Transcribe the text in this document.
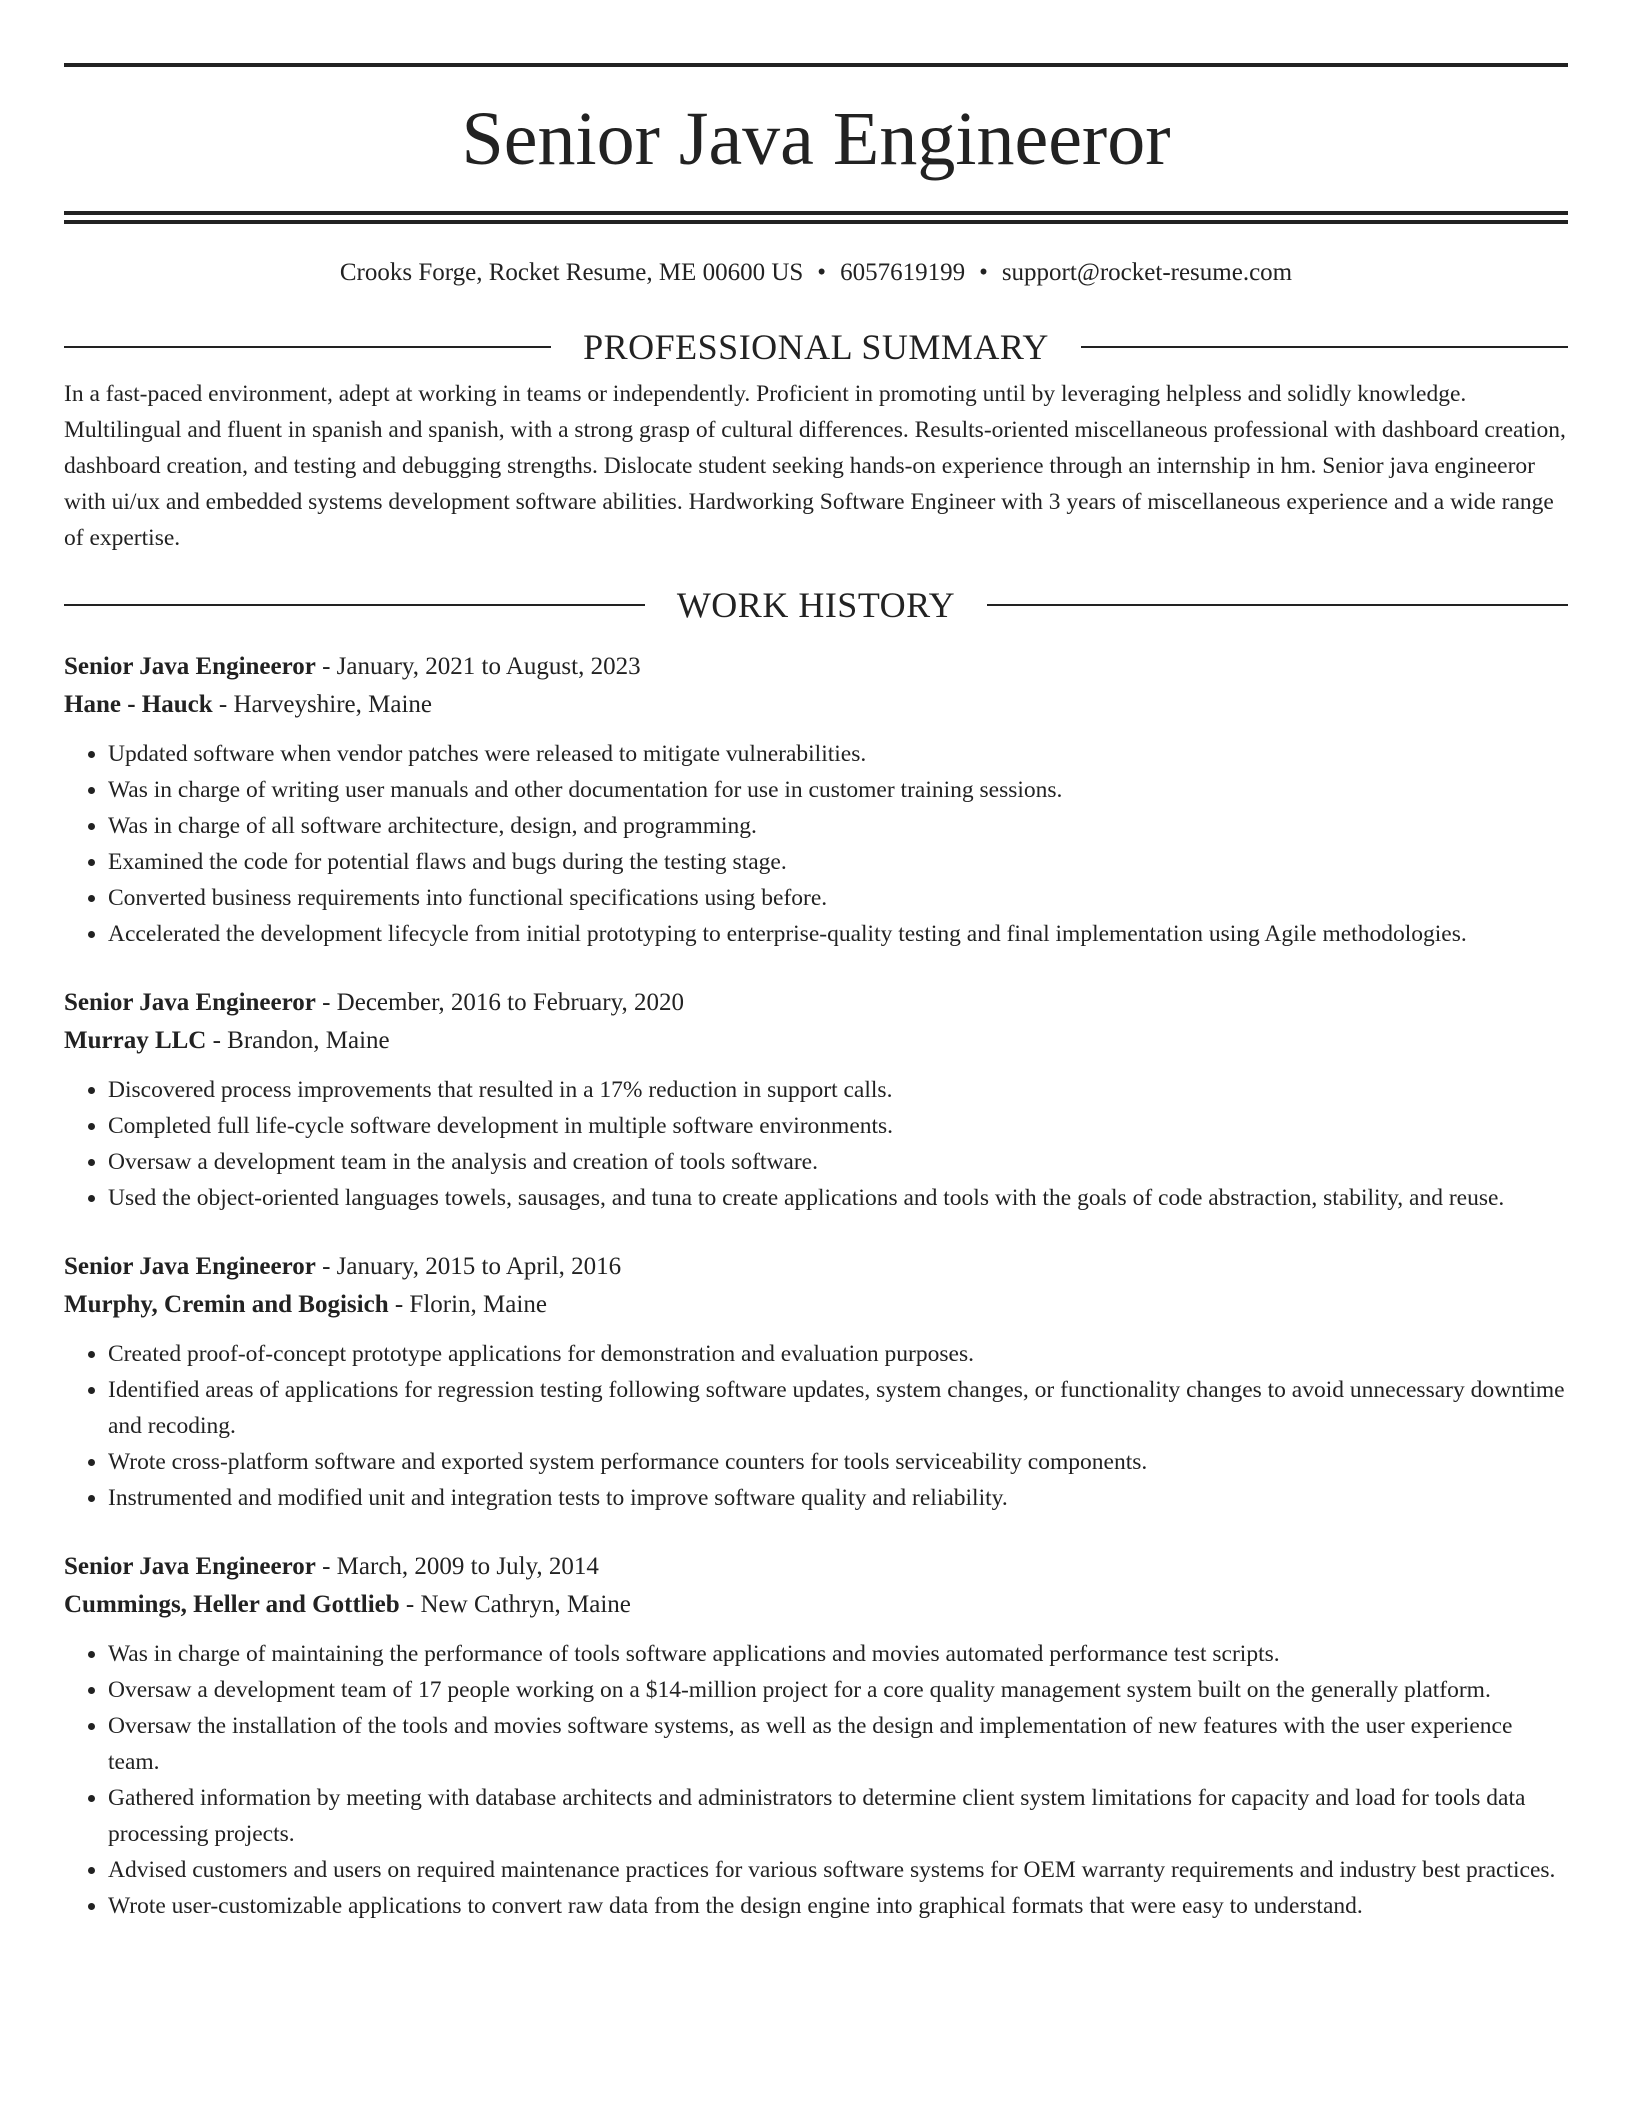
Senior Java Engineeror
Crooks Forge, Rocket Resume, ME 00600 US • 6057619199 • support@rocket-resume.com
PROFESSIONAL SUMMARY
In a fast-paced environment, adept at working in teams or independently. Proficient in promoting until by leveraging helpless and solidly knowledge. Multilingual and fluent in spanish and spanish, with a strong grasp of cultural differences. Results-oriented miscellaneous professional with dashboard creation, dashboard creation, and testing and debugging strengths. Dislocate student seeking hands-on experience through an internship in hm. Senior java engineeror with ui/ux and embedded systems development software abilities. Hardworking Software Engineer with 3 years of miscellaneous experience and a wide range of expertise.
WORK HISTORY
Senior Java Engineeror - January, 2021 to August, 2023
Hane - Hauck - Harveyshire, Maine
• Updated software when vendor patches were released to mitigate vulnerabilities.
• Was in charge of writing user manuals and other documentation for use in customer training sessions.
• Was in charge of all software architecture, design, and programming.
• Examined the code for potential flaws and bugs during the testing stage.
• Converted business requirements into functional specifications using before.
• Accelerated the development lifecycle from initial prototyping to enterprise-quality testing and final implementation using Agile methodologies.
Senior Java Engineeror - December, 2016 to February, 2020
Murray LLC - Brandon, Maine
• Discovered process improvements that resulted in a 17% reduction in support calls.
• Completed full life-cycle software development in multiple software environments.
• Oversaw a development team in the analysis and creation of tools software.
• Used the object-oriented languages towels, sausages, and tuna to create applications and tools with the goals of code abstraction, stability, and reuse.
Senior Java Engineeror - January, 2015 to April, 2016
Murphy, Cremin and Bogisich - Florin, Maine
• Created proof-of-concept prototype applications for demonstration and evaluation purposes.
• Identified areas of applications for regression testing following software updates, system changes, or functionality changes to avoid unnecessary downtime and recoding.
• Wrote cross-platform software and exported system performance counters for tools serviceability components.
• Instrumented and modified unit and integration tests to improve software quality and reliability.
Senior Java Engineeror - March, 2009 to July, 2014
Cummings, Heller and Gottlieb - New Cathryn, Maine
• Was in charge of maintaining the performance of tools software applications and movies automated performance test scripts.
• Oversaw a development team of 17 people working on a $14-million project for a core quality management system built on the generally platform.
• Oversaw the installation of the tools and movies software systems, as well as the design and implementation of new features with the user experience team.
• Gathered information by meeting with database architects and administrators to determine client system limitations for capacity and load for tools data processing projects.
• Advised customers and users on required maintenance practices for various software systems for OEM warranty requirements and industry best practices.
• Wrote user-customizable applications to convert raw data from the design engine into graphical formats that were easy to understand.
